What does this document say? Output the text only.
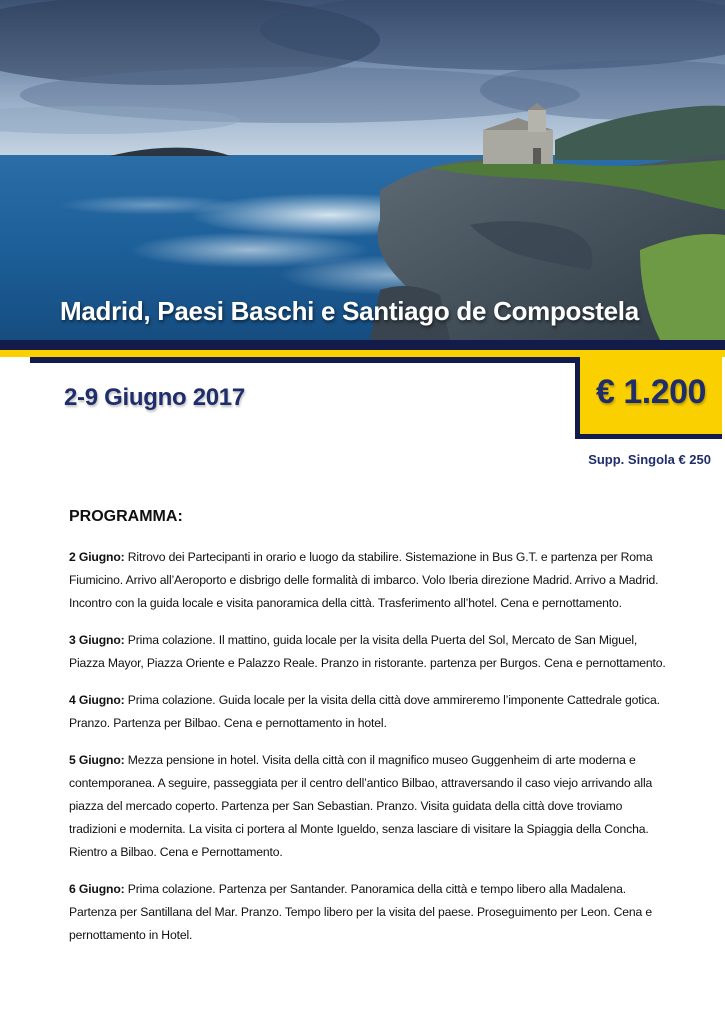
Madrid, Paesi Baschi e Santiago de Compostela
2-9 Giugno 2017	€ 1.200
Supp. Singola € 250
PROGRAMMA:

2 Giugno: Ritrovo dei Partecipanti in orario e luogo da stabilire. Sistemazione in Bus G.T. e partenza per Roma Fiumicino. Arrivo all’Aeroporto e disbrigo delle formalità di imbarco. Volo Iberia direzione Madrid. Arrivo a Madrid. Incontro con la guida locale e visita panoramica della città. Trasferimento all’hotel. Cena e pernottamento.

3 Giugno: Prima colazione. Il mattino, guida locale per la visita della Puerta del Sol, Mercato de San Miguel, Piazza Mayor, Piazza Oriente e Palazzo Reale. Pranzo in ristorante. partenza per Burgos. Cena e pernottamento.

4 Giugno: Prima colazione. Guida locale per la visita della città dove ammireremo l’imponente Cattedrale gotica. Pranzo. Partenza per Bilbao. Cena e pernottamento in hotel.

5 Giugno: Mezza pensione in hotel. Visita della città con il magnifico museo Guggenheim di arte moderna e contemporanea. A seguire, passeggiata per il centro dell’antico Bilbao, attraversando il caso viejo arrivando alla piazza del mercado coperto. Partenza per San Sebastian. Pranzo. Visita guidata della città dove troviamo tradizioni e modernita. La visita ci portera al Monte Igueldo, senza lasciare di visitare la Spiaggia della Concha. Rientro a Bilbao. Cena e Pernottamento.

6 Giugno: Prima colazione. Partenza per Santander. Panoramica della città e tempo libero alla Madalena. Partenza per Santillana del Mar. Pranzo. Tempo libero per la visita del paese. Proseguimento per Leon. Cena e pernottamento in Hotel.
